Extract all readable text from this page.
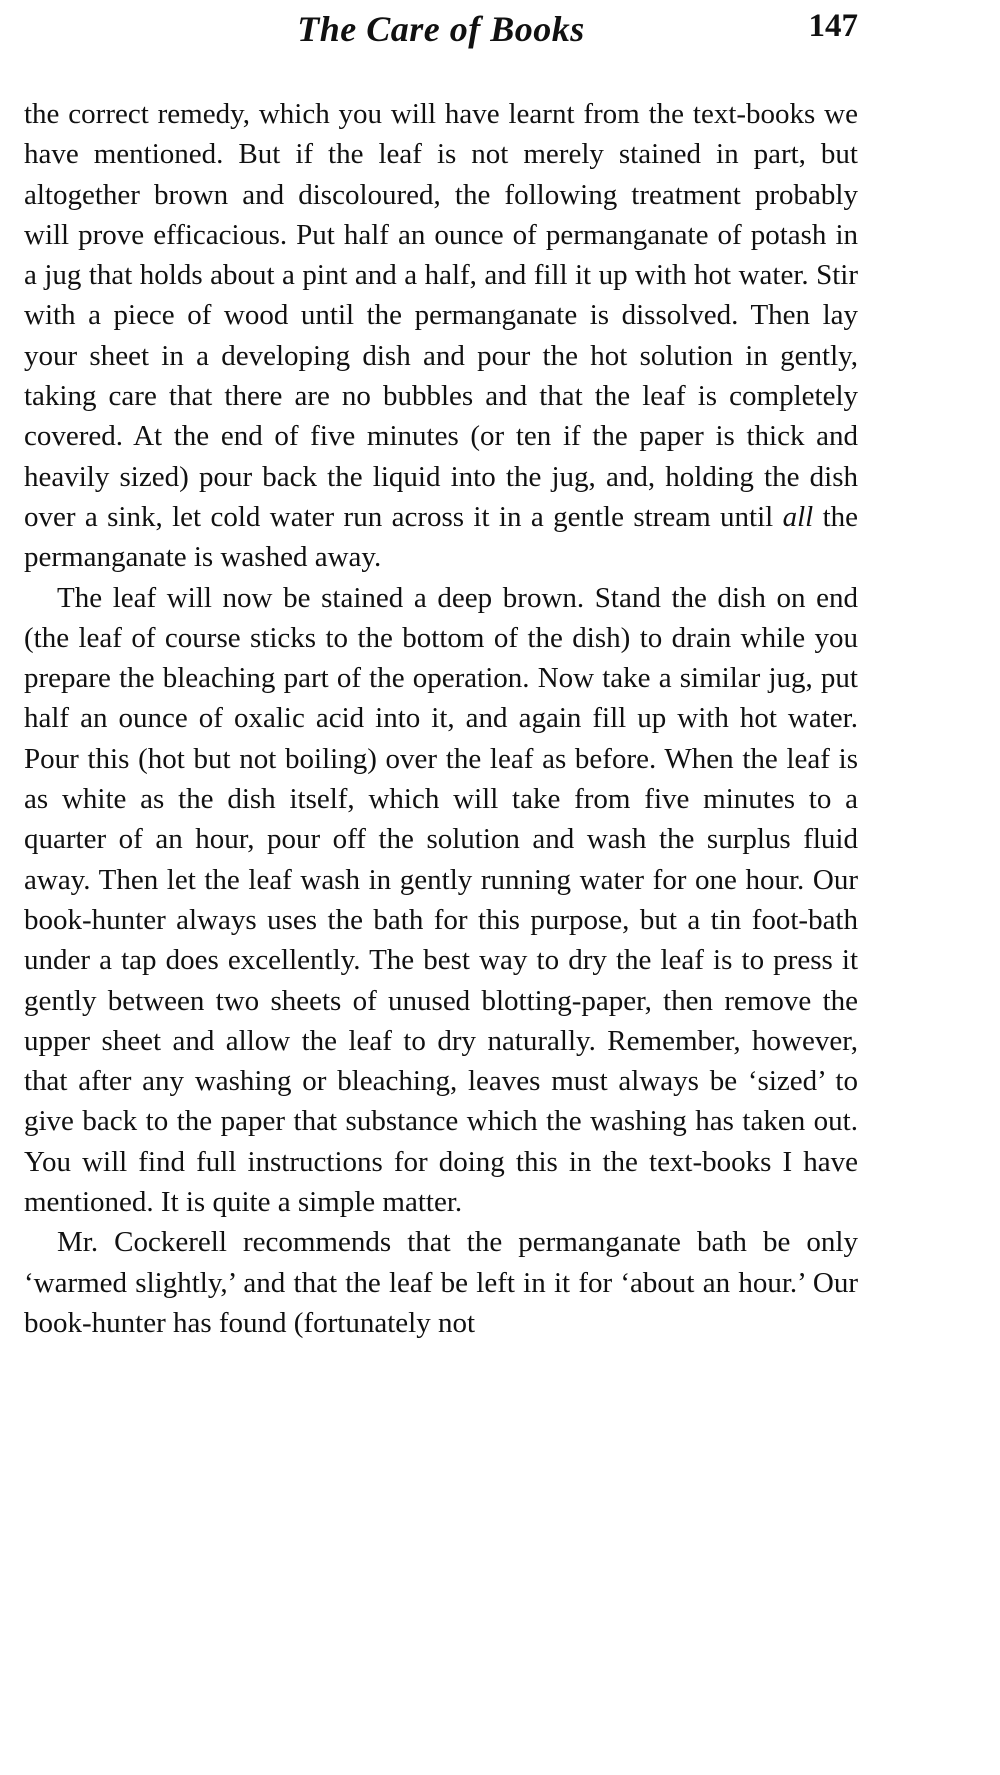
The Care of Books	147

the correct remedy, which you will have learnt from the text-books we have mentioned. But if the leaf is not merely stained in part, but altogether brown and discoloured, the following treatment probably will prove efficacious. Put half an ounce of permanganate of potash in a jug that holds about a pint and a half, and fill it up with hot water. Stir with a piece of wood until the permanganate is dissolved. Then lay your sheet in a developing dish and pour the hot solution in gently, taking care that there are no bubbles and that the leaf is completely covered. At the end of five minutes (or ten if the paper is thick and heavily sized) pour back the liquid into the jug, and, holding the dish over a sink, let cold water run across it in a gentle stream until all the permanganate is washed away.

The leaf will now be stained a deep brown. Stand the dish on end (the leaf of course sticks to the bottom of the dish) to drain while you prepare the bleaching part of the operation. Now take a similar jug, put half an ounce of oxalic acid into it, and again fill up with hot water. Pour this (hot but not boiling) over the leaf as before. When the leaf is as white as the dish itself, which will take from five minutes to a quarter of an hour, pour off the solution and wash the surplus fluid away. Then let the leaf wash in gently running water for one hour. Our book-hunter always uses the bath for this purpose, but a tin foot-bath under a tap does excellently. The best way to dry the leaf is to press it gently between two sheets of unused blotting-paper, then remove the upper sheet and allow the leaf to dry naturally. Remember, however, that after any washing or bleaching, leaves must always be ‘sized’ to give back to the paper that substance which the washing has taken out. You will find full instructions for doing this in the text-books I have mentioned. It is quite a simple matter.

Mr. Cockerell recommends that the permanganate bath be only ‘warmed slightly,’ and that the leaf be left in it for ‘about an hour.’ Our book-hunter has found (fortunately not
